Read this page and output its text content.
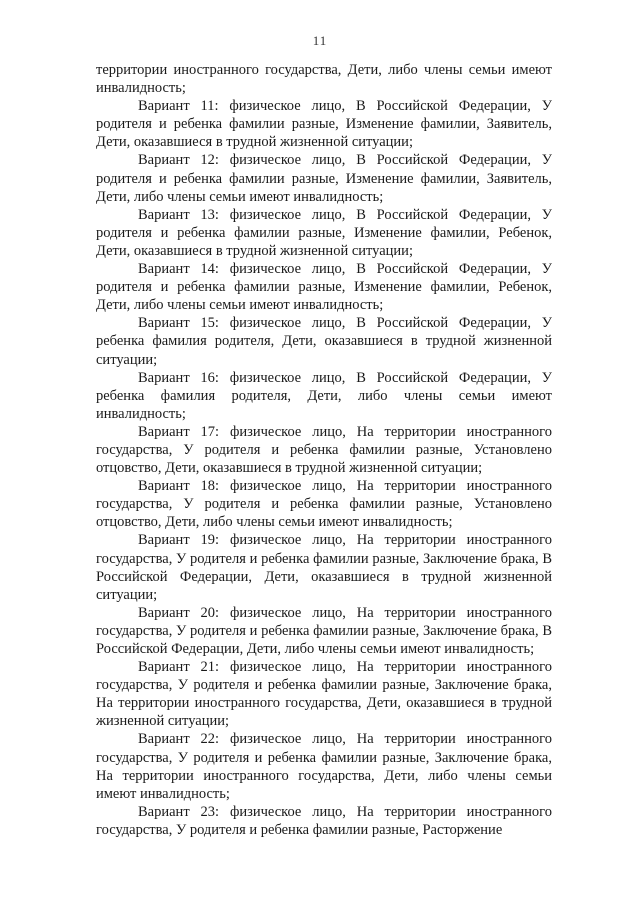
11

территории иностранного государства, Дети, либо члены семьи имеют инвалидность;

Вариант 11: физическое лицо, В Российской Федерации, У родителя и ребенка фамилии разные, Изменение фамилии, Заявитель, Дети, оказавшиеся в трудной жизненной ситуации;

Вариант 12: физическое лицо, В Российской Федерации, У родителя и ребенка фамилии разные, Изменение фамилии, Заявитель, Дети, либо члены семьи имеют инвалидность;

Вариант 13: физическое лицо, В Российской Федерации, У родителя и ребенка фамилии разные, Изменение фамилии, Ребенок, Дети, оказавшиеся в трудной жизненной ситуации;

Вариант 14: физическое лицо, В Российской Федерации, У родителя и ребенка фамилии разные, Изменение фамилии, Ребенок, Дети, либо члены семьи имеют инвалидность;

Вариант 15: физическое лицо, В Российской Федерации, У ребенка фамилия родителя, Дети, оказавшиеся в трудной жизненной ситуации;

Вариант 16: физическое лицо, В Российской Федерации, У ребенка фамилия родителя, Дети, либо члены семьи имеют инвалидность;

Вариант 17: физическое лицо, На территории иностранного государства, У родителя и ребенка фамилии разные, Установлено отцовство, Дети, оказавшиеся в трудной жизненной ситуации;

Вариант 18: физическое лицо, На территории иностранного государства, У родителя и ребенка фамилии разные, Установлено отцовство, Дети, либо члены семьи имеют инвалидность;

Вариант 19: физическое лицо, На территории иностранного государства, У родителя и ребенка фамилии разные, Заключение брака, В Российской Федерации, Дети, оказавшиеся в трудной жизненной ситуации;

Вариант 20: физическое лицо, На территории иностранного государства, У родителя и ребенка фамилии разные, Заключение брака, В Российской Федерации, Дети, либо члены семьи имеют инвалидность;

Вариант 21: физическое лицо, На территории иностранного государства, У родителя и ребенка фамилии разные, Заключение брака, На территории иностранного государства, Дети, оказавшиеся в трудной жизненной ситуации;

Вариант 22: физическое лицо, На территории иностранного государства, У родителя и ребенка фамилии разные, Заключение брака, На территории иностранного государства, Дети, либо члены семьи имеют инвалидность;

Вариант 23: физическое лицо, На территории иностранного государства, У родителя и ребенка фамилии разные, Расторжение
